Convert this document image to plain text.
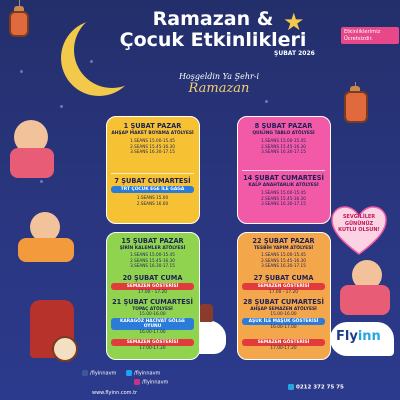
★
Ramazan &
Çocuk Etkinlikleri
ŞUBAT 2026
Etkinliklerimiz Ücretsizdir.
Hoşgeldin Ya Şehr-i
Ramazan
1 ŞUBAT PAZAR
AHŞAP MAKET BOYAMA ATÖLYESİ
1.SEANS 15.00-15.45
2.SEANS 15.45-16.30
3.SEANS 16.30-17.15
7 ŞUBAT CUMARTESİ
TRT ÇOCUK EGE İLE GAGA
1.SEANS 15.00
2.SEANS 16.00
8 ŞUBAT PAZAR
QUILING TABLO ATÖLYESİ
1.SEANS 15.00-15.45
2.SEANS 15.45-16.30
3.SEANS 16.30-17.15
14 ŞUBAT CUMARTESİ
KALP ANAHTARLIK ATÖLYESİ
1.SEANS 15.00-15.45
2.SEANS 15.45-16.30
3.SEANS 16.30-17.15
SEVGİLİLER
GÜNÜNÜZ
KUTLU OLSUN!
15 ŞUBAT PAZAR
ŞİRİN KALEMLER ATÖLYESİ
1.SEANS 15.00-15.45
2.SEANS 15.45-16.30
3.SEANS 16.30-17.15
20 ŞUBAT CUMA
SEMAZEN GÖSTERİSİ
17.00 - 17.20
21 ŞUBAT CUMARTESİ
TOPAÇ ATÖLYESİ
15.00-16.00
KARAGÖZ HACİVAT GÖLGE OYUNU
16.00-17.00
SEMAZEN GÖSTERİSİ
17.00-17.20
22 ŞUBAT PAZAR
TESBİH YAPIM ATÖLYESİ
1.SEANS 15.00-15.45
2.SEANS 15.45-16.30
3.SEANS 16.30-17.15
27 ŞUBAT CUMA
SEMAZEN GÖSTERİSİ
17.00 - 17.20
28 ŞUBAT CUMARTESİ
AHŞAP SEMAZEN ATÖLYESİ
15.00-16.00
AŞUK İLE MAŞUK GÖSTERİSİ
16.00-17.00
SEMAZEN GÖSTERİSİ
17.00-17.20
Flyinn
/flyinnavm	/flyinnavm
/flyinnavm
www.flyinn.com.tr
0212 372 75 75
